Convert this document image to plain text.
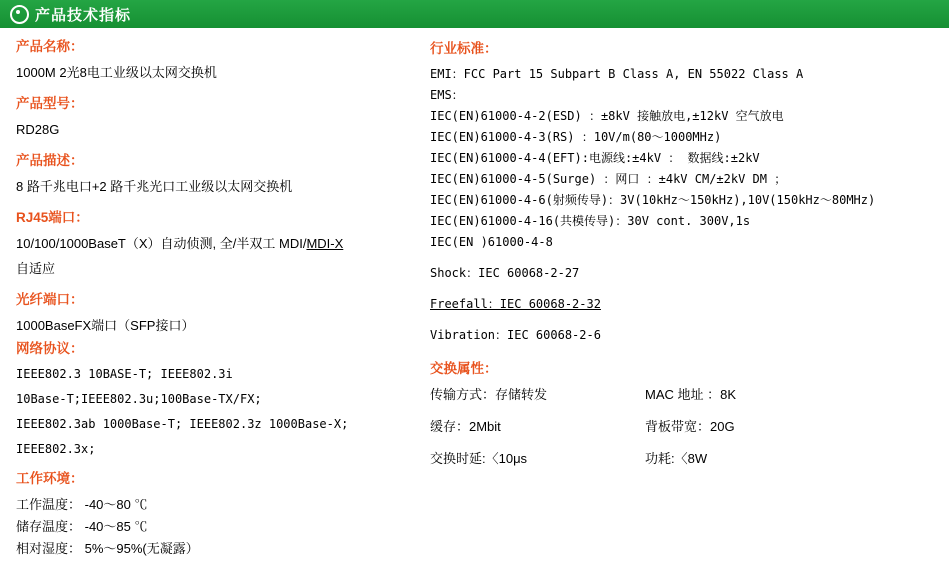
产品技术指标

产品名称：

1000M 2光8电工业级以太网交换机

产品型号：

RD28G

产品描述：

8 路千兆电口+2 路千兆光口工业级以太网交换机

RJ45端口：

10/100/1000BaseT（X）自动侦测, 全/半双工 MDI/MDI-X

自适应

光纤端口：

1000BaseFX端口（SFP接口）

网络协议：

IEEE802.3 10BASE-T; IEEE802.3i

10Base-T;IEEE802.3u;100Base-TX/FX;

IEEE802.3ab 1000Base-T; IEEE802.3z 1000Base-X;

IEEE802.3x;

工作环境：

工作温度： -40～80 ℃

储存温度： -40～85 ℃

相对湿度： 5%～95%(无凝露）

行业标准：

EMI：FCC Part 15 Subpart B Class A, EN 55022 Class A

EMS：

IEC(EN)61000-4-2(ESD) ：±8kV 接触放电,±12kV 空气放电

IEC(EN)61000-4-3(RS) ：10V/m(80～1000MHz)

IEC(EN)61000-4-4(EFT):电源线:±4kV ： 数据线:±2kV

IEC(EN)61000-4-5(Surge) ：网口 ：±4kV CM/±2kV DM ；

IEC(EN)61000-4-6(射频传导)：3V(10kHz～150kHz),10V(150kHz～80MHz)

IEC(EN)61000-4-16(共模传导)：30V cont. 300V,1s

IEC(EN )61000-4-8

Shock：IEC 60068-2-27

Freefall：IEC 60068-2-32

Vibration：IEC 60068-2-6

交换属性：

传输方式：存储转发	MAC 地址 ：8K
缓存：2Mbit	背板带宽：20G
交换时延:〈10μs	功耗:〈8W
